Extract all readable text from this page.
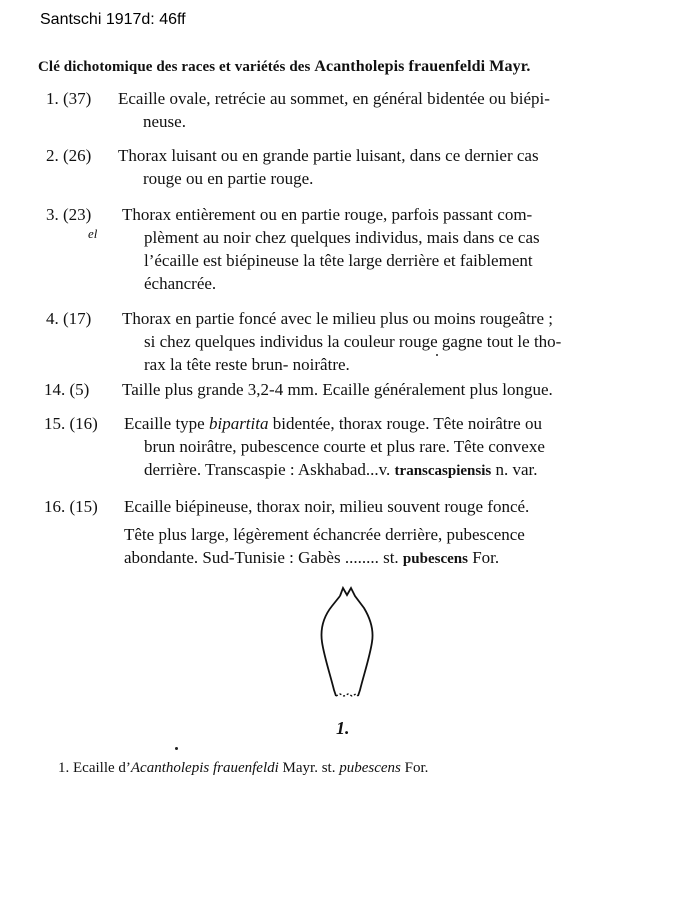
Santschi 1917d: 46ff
Clé dichotomique des races et variétés des Acantholepis frauenfeldi Mayr.
1. (37) Ecaille ovale, retrécie au sommet, en général bidentée ou biépi-
neuse.
2. (26) Thorax luisant ou en grande partie luisant, dans ce dernier cas
rouge ou en partie rouge.
3. (23) Thorax entièrement ou en partie rouge, parfois passant com-
plèment au noir chez quelques individus, mais dans ce cas
l’écaille est biépineuse la tête large derrière et faiblement
échancrée.
el
4. (17) Thorax en partie foncé avec le milieu plus ou moins rougeâtre ;
si chez quelques individus la couleur rouge gagne tout le tho-
rax la tête reste brun- noirâtre.
14. (5) Taille plus grande 3,2-4 mm. Ecaille généralement plus longue.
15. (16) Ecaille type bipartita bidentée, thorax rouge. Tête noirâtre ou
brun noirâtre, pubescence courte et plus rare. Tête convexe
derrière. Transcaspie : Askhabad...v. transcaspiensis n. var.
16. (15) Ecaille biépineuse, thorax noir, milieu souvent rouge foncé.
Tête plus large, légèrement échancrée derrière, pubescence
abondante. Sud-Tunisie : Gabès ........ st. pubescens For.
1.
1. Ecaille d’Acantholepis frauenfeldi Mayr. st. pubescens For.
